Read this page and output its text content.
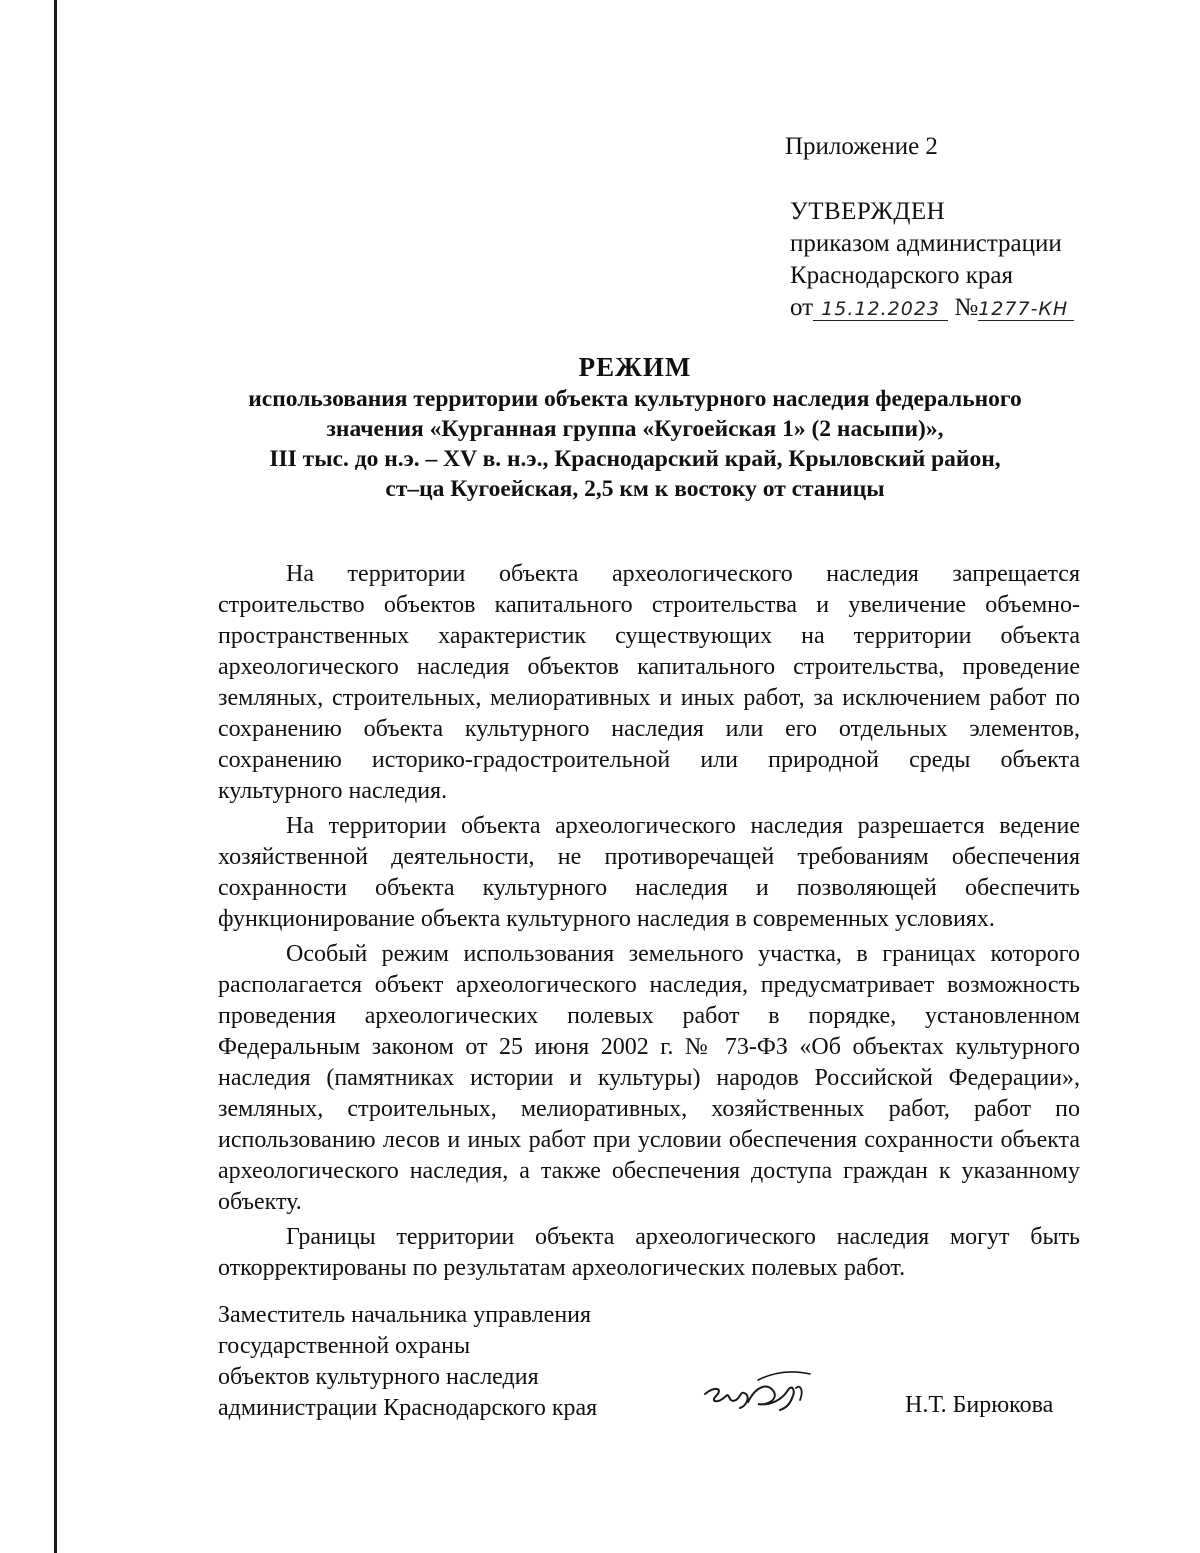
Приложение 2
УТВЕРЖДЕН
приказом администрации
Краснодарского края
от 15.12.2023 №1277-КН
РЕЖИМ
использования территории объекта культурного наследия федерального
значения «Курганная группа «Кугоейская 1» (2 насыпи)»,
III тыс. до н.э. – XV в. н.э., Краснодарский край, Крыловский район,
ст–ца Кугоейская, 2,5 км к востоку от станицы

На территории объекта археологического наследия запрещается строительство объектов капитального строительства и увеличение объемно-пространственных характеристик существующих на территории объекта археологического наследия объектов капитального строительства, проведение земляных, строительных, мелиоративных и иных работ, за исключением работ по сохранению объекта культурного наследия или его отдельных элементов, сохранению историко-градостроительной или природной среды объекта культурного наследия.

На территории объекта археологического наследия разрешается ведение хозяйственной деятельности, не противоречащей требованиям обеспечения сохранности объекта культурного наследия и позволяющей обеспечить функционирование объекта культурного наследия в современных условиях.

Особый режим использования земельного участка, в границах которого располагается объект археологического наследия, предусматривает возможность проведения археологических полевых работ в порядке, установленном Федеральным законом от 25 июня 2002 г. № 73-ФЗ «Об объектах культурного наследия (памятниках истории и культуры) народов Российской Федерации», земляных, строительных, мелиоративных, хозяйственных работ, работ по использованию лесов и иных работ при условии обеспечения сохранности объекта археологического наследия, а также обеспечения доступа граждан к указанному объекту.

Границы территории объекта археологического наследия могут быть откорректированы по результатам археологических полевых работ.

Заместитель начальника управления
государственной охраны
объектов культурного наследия
администрации Краснодарского края	Н.Т. Бирюкова
